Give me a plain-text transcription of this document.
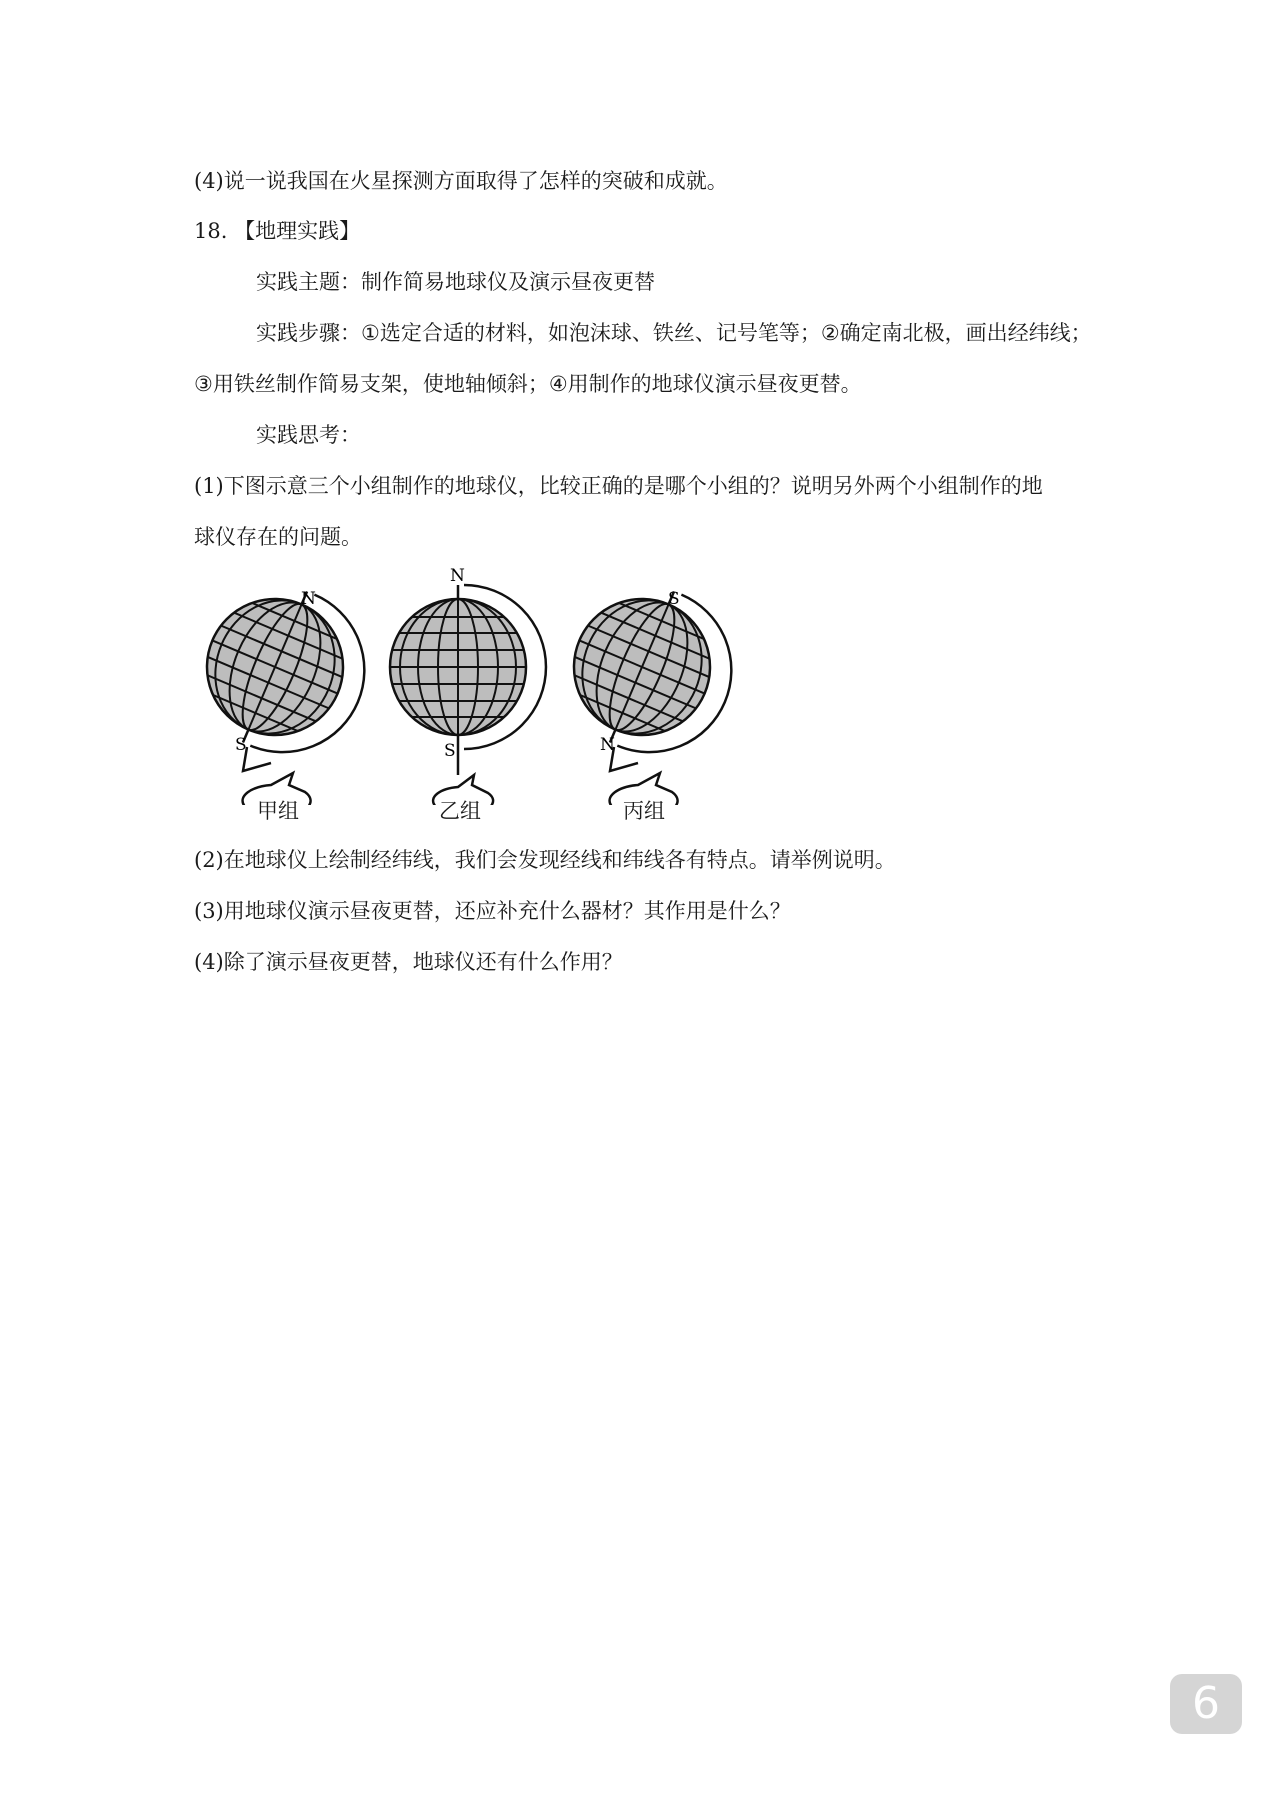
(4)说一说我国在火星探测方面取得了怎样的突破和成就。
18. 【地理实践】
实践主题：制作简易地球仪及演示昼夜更替
实践步骤：①选定合适的材料，如泡沫球、铁丝、记号笔等；②确定南北极，画出经纬线；
③用铁丝制作简易支架，使地轴倾斜；④用制作的地球仪演示昼夜更替。
实践思考：
(1)下图示意三个小组制作的地球仪，比较正确的是哪个小组的？说明另外两个小组制作的地
球仪存在的问题。
N
S
N
S
S
N
甲组	乙组	丙组
(2)在地球仪上绘制经纬线，我们会发现经线和纬线各有特点。请举例说明。
(3)用地球仪演示昼夜更替，还应补充什么器材？其作用是什么？
(4)除了演示昼夜更替，地球仪还有什么作用？
6
